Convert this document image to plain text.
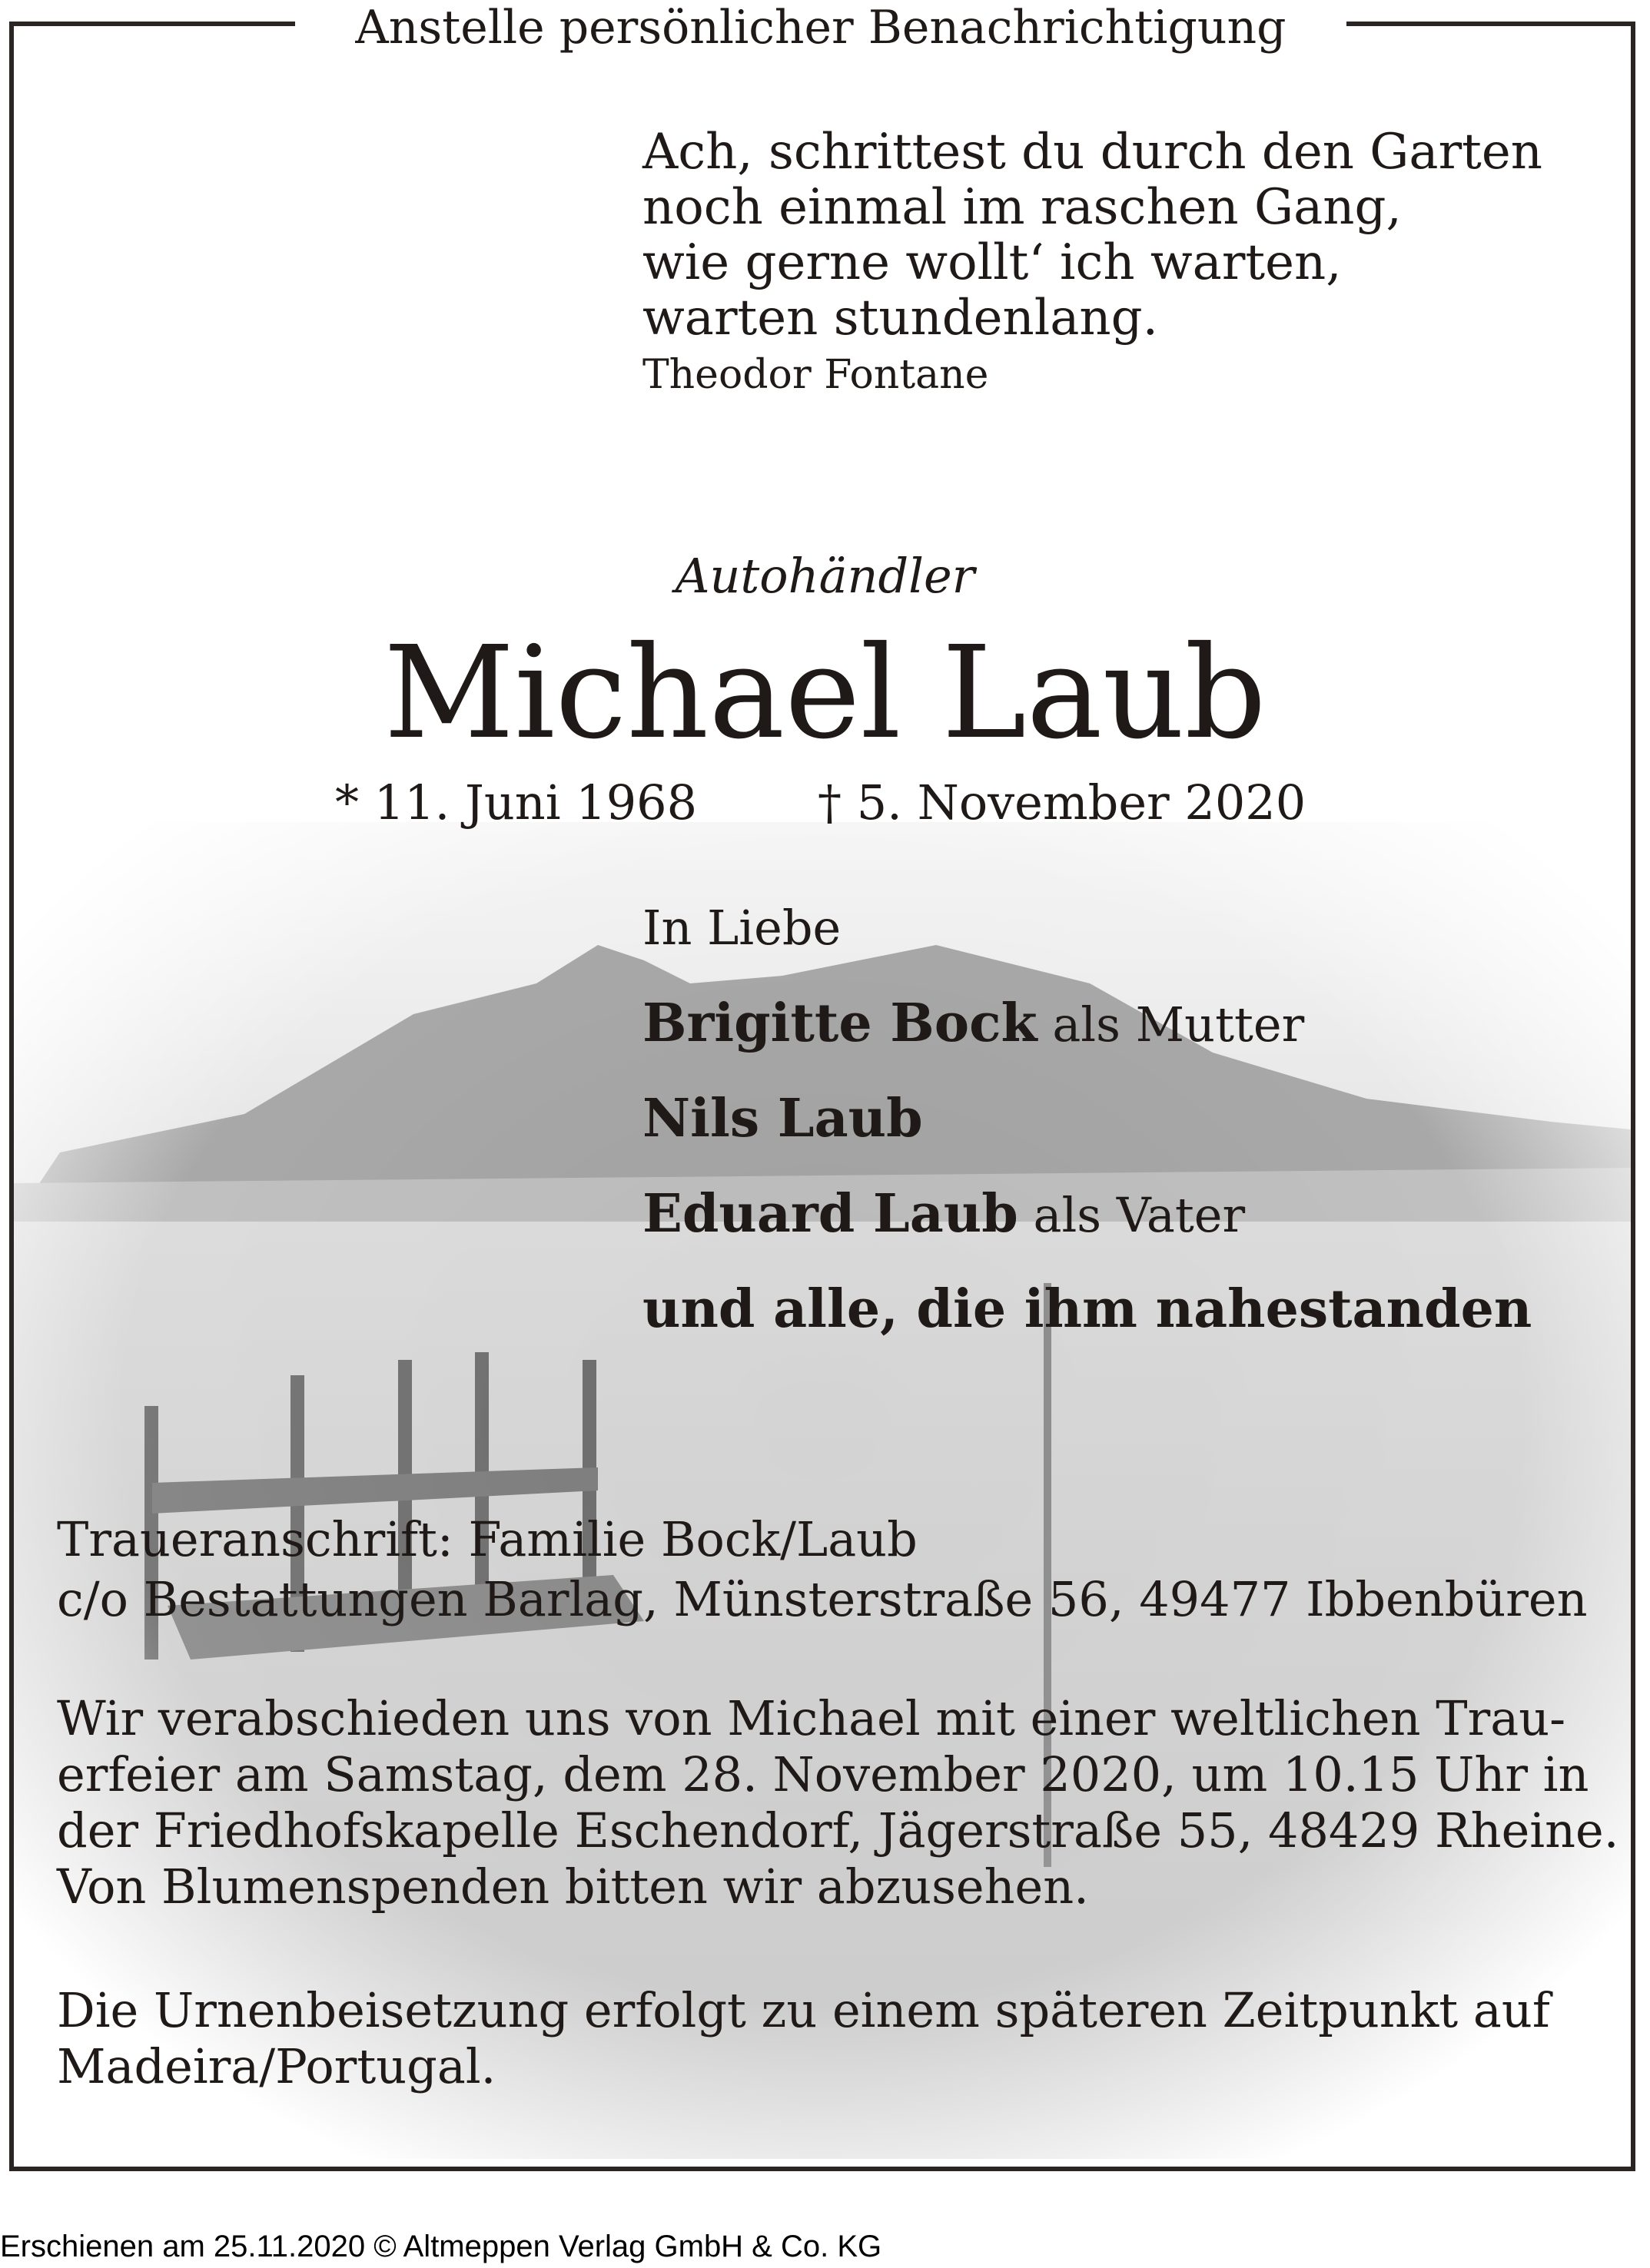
Anstelle persönlicher Benachrichtigung
Ach, schrittest du durch den Garten
noch einmal im raschen Gang,
wie gerne wollt‘ ich warten,
warten stundenlang.
Theodor Fontane
Autohändler
Michael Laub
* 11. Juni 1968	† 5. November 2020
In Liebe
Brigitte Bock als Mutter
Nils Laub
Eduard Laub als Vater
und alle, die ihm nahestanden
Traueranschrift: Familie Bock/Laub
c/o Bestattungen Barlag, Münsterstraße 56, 49477 Ibbenbüren
Wir verabschieden uns von Michael mit einer weltlichen Trau-
erfeier am Samstag, dem 28. November 2020, um 10.15 Uhr in
der Friedhofskapelle Eschendorf, Jägerstraße 55, 48429 Rheine.
Von Blumenspenden bitten wir abzusehen.
Die Urnenbeisetzung erfolgt zu einem späteren Zeitpunkt auf
Madeira/Portugal.
Erschienen am 25.11.2020 © Altmeppen Verlag GmbH & Co. KG
